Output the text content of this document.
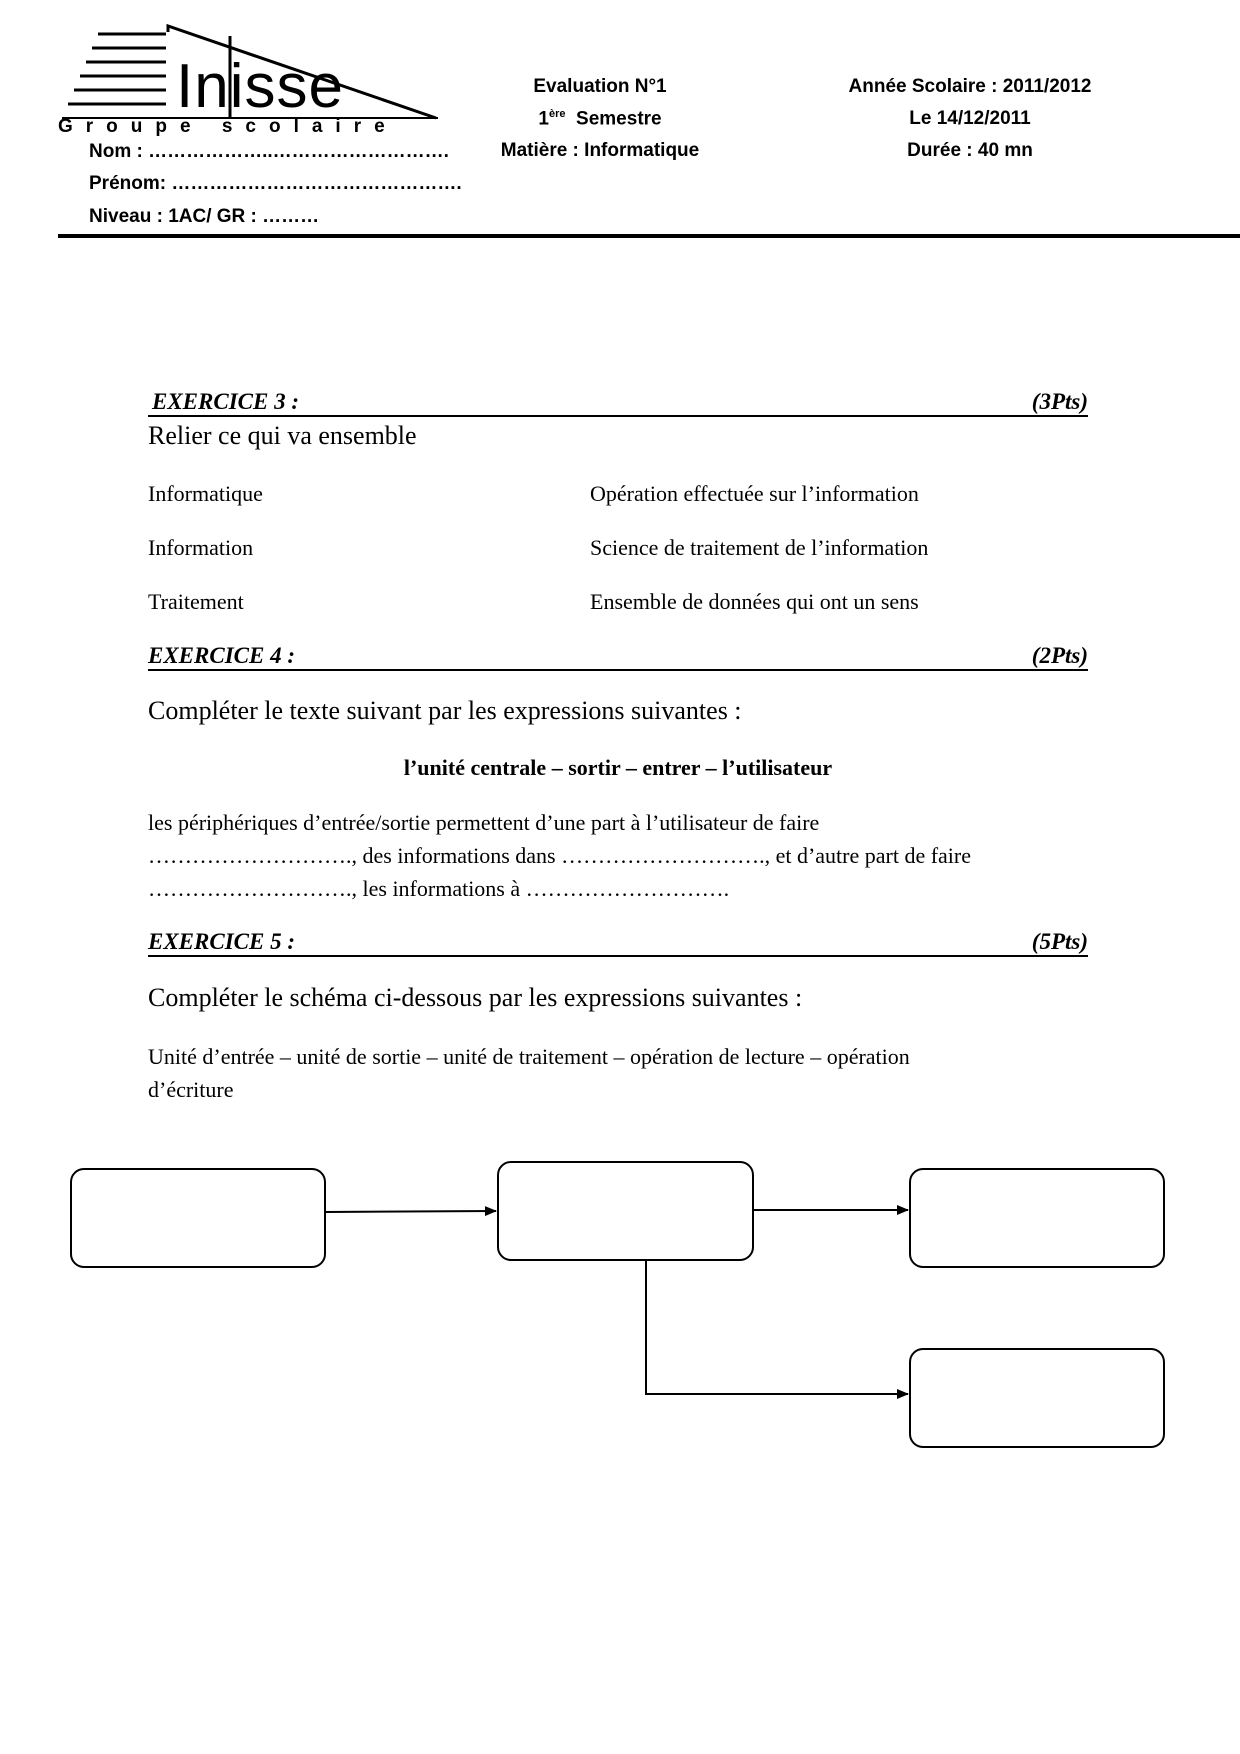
Inisse
Groupe scolaire
Nom : ………………..……………………….
Prénom: ……………………………………….
Niveau : 1AC/ GR : ………
Evaluation N°1
1ère Semestre
Matière : Informatique
Année Scolaire : 2011/2012
Le 14/12/2011
Durée : 40 mn
EXERCICE 3 :	(3Pts)
Relier ce qui va ensemble
Informatique	Opération effectuée sur l’information
Information	Science de traitement de l’information
Traitement	Ensemble de données qui ont un sens
EXERCICE 4 :	(2Pts)
Compléter le texte suivant par les expressions suivantes :
l’unité centrale – sortir – entrer – l’utilisateur
les périphériques d’entrée/sortie permettent d’une part à l’utilisateur de faire
………………………., des informations dans ………………………., et d’autre part de faire
………………………., les informations à ……………………….
EXERCICE 5 :	(5Pts)
Compléter le schéma ci-dessous par les expressions suivantes :
Unité d’entrée – unité de sortie – unité de traitement – opération de lecture – opération
d’écriture
